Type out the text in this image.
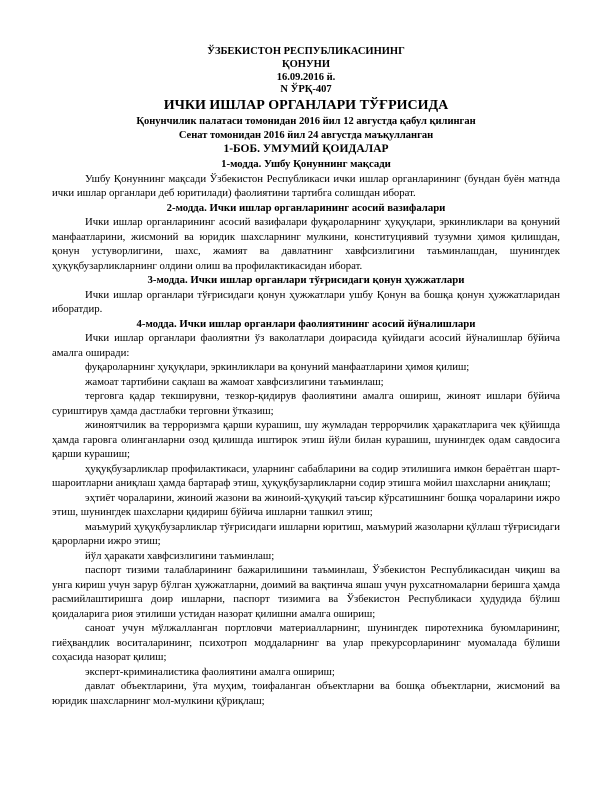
ЎЗБЕКИСТОН РЕСПУБЛИКАСИНИНГ
ҚОНУНИ
16.09.2016 й.
N ЎРҚ-407
ИЧКИ ИШЛАР ОРГАНЛАРИ ТЎҒРИСИДА
Қонунчилик палатаси томонидан 2016 йил 12 августда қабул қилинган
Сенат томонидан 2016 йил 24 августда маъқулланган
1-БОБ. УМУМИЙ ҚОИДАЛАР
1-модда. Ушбу Қонуннинг мақсади

Ушбу Қонуннинг мақсади Ўзбекистон Республикаси ички ишлар органларининг (бундан буён матнда ички ишлар органлари деб юритилади) фаолиятини тартибга солишдан иборат.

2-модда. Ички ишлар органларининг асосий вазифалари

Ички ишлар органларининг асосий вазифалари фуқароларнинг ҳуқуқлари, эркинликлари ва қонуний манфаатларини, жисмоний ва юридик шахсларнинг мулкини, конституциявий тузумни ҳимоя қилишдан, қонун устуворлигини, шахс, жамият ва давлатнинг хавфсизлигини таъминлашдан, шунингдек ҳуқуқбузарликларнинг олдини олиш ва профилактикасидан иборат.

3-модда. Ички ишлар органлари тўғрисидаги қонун ҳужжатлари

Ички ишлар органлари тўғрисидаги қонун ҳужжатлари ушбу Қонун ва бошқа қонун ҳужжатларидан иборатдир.

4-модда. Ички ишлар органлари фаолиятининг асосий йўналишлари

Ички ишлар органлари фаолиятни ўз ваколатлари доирасида қуйидаги асосий йўналишлар бўйича амалга оширади:

фуқароларнинг ҳуқуқлари, эркинликлари ва қонуний манфаатларини ҳимоя қилиш;

жамоат тартибини сақлаш ва жамоат хавфсизлигини таъминлаш;

терговга қадар текширувни, тезкор-қидирув фаолиятини амалга ошириш, жиноят ишлари бўйича суриштирув ҳамда дастлабки терговни ўтказиш;

жиноятчилик ва терроризмга қарши курашиш, шу жумладан террорчилик ҳаракатларига чек қўйишда ҳамда гаровга олинганларни озод қилишда иштирок этиш йўли билан курашиш, шунингдек одам савдосига қарши курашиш;

ҳуқуқбузарликлар профилактикаси, уларнинг сабабларини ва содир этилишига имкон бераётган шарт-шароитларни аниқлаш ҳамда бартараф этиш, ҳуқуқбузарликларни содир этишга мойил шахсларни аниқлаш;

эҳтиёт чораларини, жиноий жазони ва жиноий-ҳуқуқий таъсир кўрсатишнинг бошқа чораларини ижро этиш, шунингдек шахсларни қидириш бўйича ишларни ташкил этиш;

маъмурий ҳуқуқбузарликлар тўғрисидаги ишларни юритиш, маъмурий жазоларни қўллаш тўғрисидаги қарорларни ижро этиш;

йўл ҳаракати хавфсизлигини таъминлаш;

паспорт тизими талабларининг бажарилишини таъминлаш, Ўзбекистон Республикасидан чиқиш ва унга кириш учун зарур бўлган ҳужжатларни, доимий ва вақтинча яшаш учун рухсатномаларни беришга ҳамда расмийлаштиришга доир ишларни, паспорт тизимига ва Ўзбекистон Республикаси ҳудудида бўлиш қоидаларига риоя этилиши устидан назорат қилишни амалга ошириш;

саноат учун мўлжалланган портловчи материалларнинг, шунингдек пиротехника буюмларининг, гиёҳвандлик воситаларининг, психотроп моддаларнинг ва улар прекурсорларининг муомалада бўлиши соҳасида назорат қилиш;

эксперт-криминалистика фаолиятини амалга ошириш;

давлат объектларини, ўта муҳим, тоифаланган объектларни ва бошқа объектларни, жисмоний ва юридик шахсларнинг мол-мулкини қўриқлаш;
